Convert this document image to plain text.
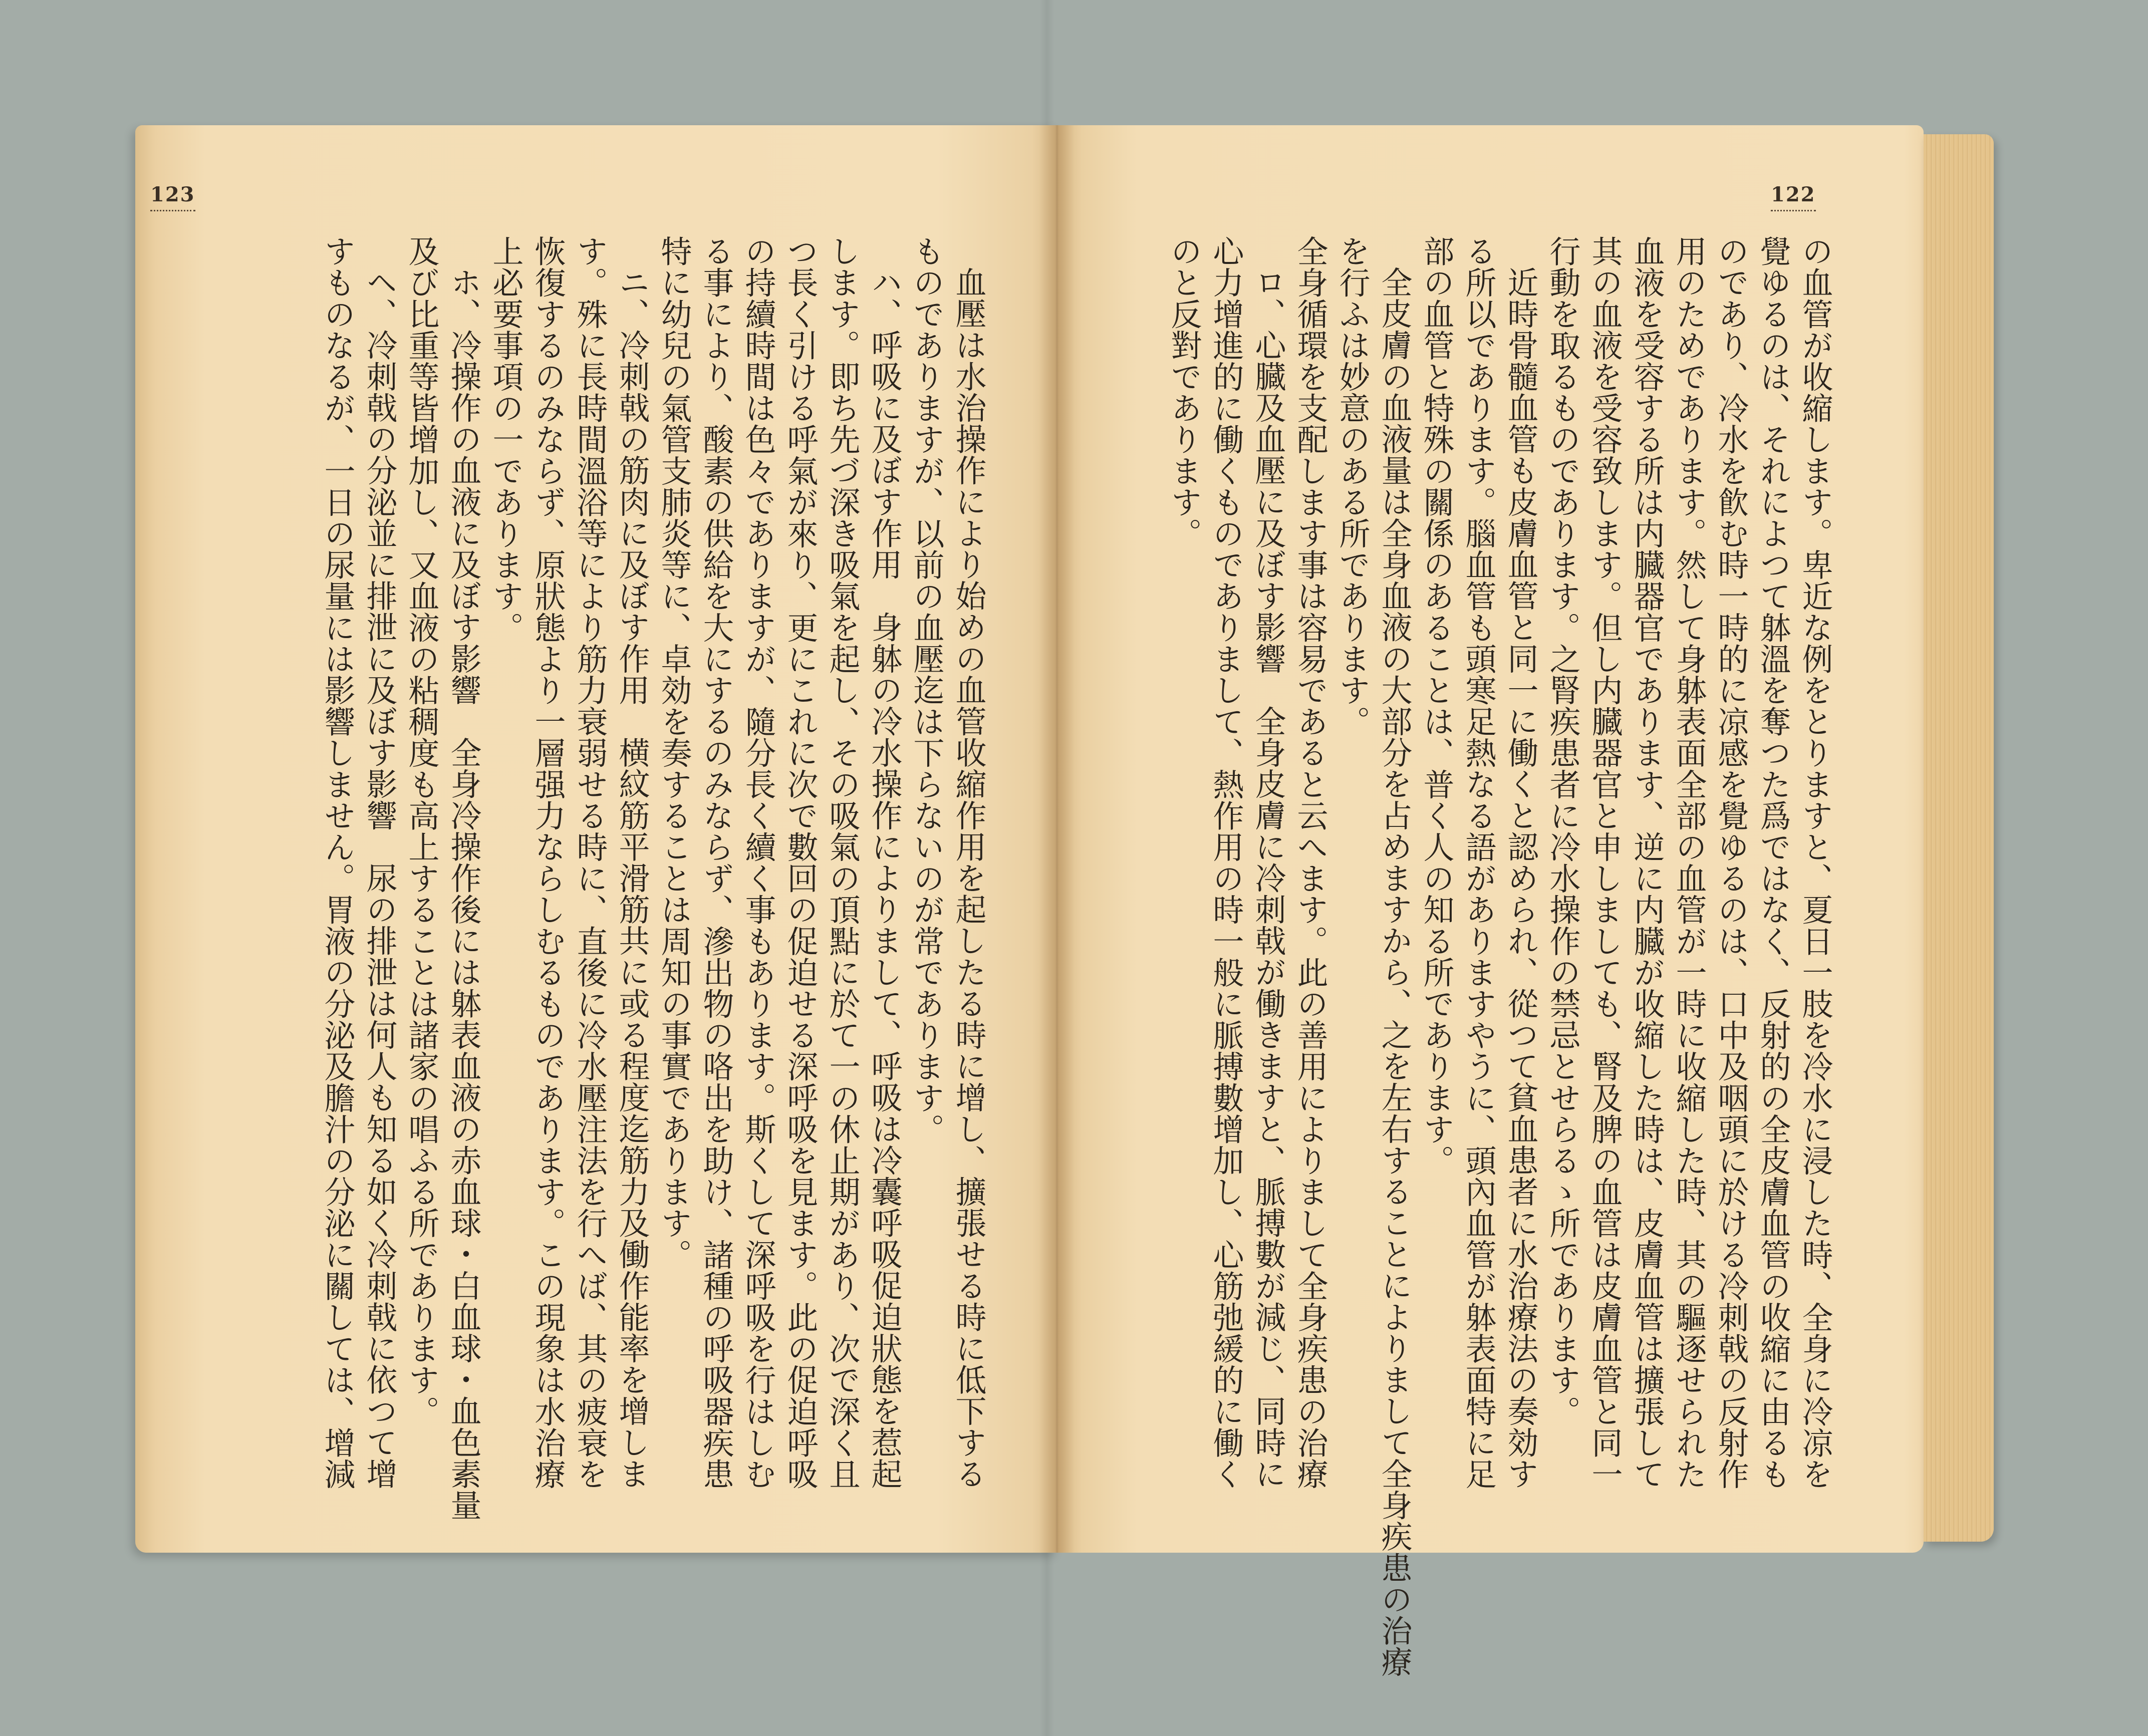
123	122
の血管が收縮します。卑近な例をとりますと、夏日一肢を冷水に浸した時、全身に冷凉を
覺ゆるのは、それによつて躰溫を奪つた爲ではなく、反射的の全皮膚血管の收縮に由るも
のであり、冷水を飮む時一時的に凉感を覺ゆるのは、口中及咽頭に於ける冷刺戟の反射作
用のためであります。然して身躰表面全部の血管が一時に收縮した時、其の驅逐せられた
血液を受容する所は内臓器官であります、逆に内臓が收縮した時は、皮膚血管は擴張して
其の血液を受容致します。但し内臓器官と申しましても、腎及脾の血管は皮膚血管と同一
行動を取るものであります。之腎疾患者に冷水操作の禁忌とせらるゝ所であります。
近時骨髓血管も皮膚血管と同一に働くと認められ、從つて貧血患者に水治療法の奏効す
る所以であります。腦血管も頭寒足熱なる語がありますやうに、頭內血管が躰表面特に足
部の血管と特殊の關係のあることは、普く人の知る所であります。
全皮膚の血液量は全身血液の大部分を占めますから、之を左右することによりまして全身疾患の治療
を行ふは妙意のある所であります。
全身循環を支配します事は容易であると云へます。此の善用によりまして全身疾患の治療
ロ、心臓及血壓に及ぼす影響　全身皮膚に冷刺戟が働きますと、脈搏數が減じ、同時に
心力增進的に働くものでありまして、熱作用の時一般に脈搏數增加し、心筋弛緩的に働く
のと反對であります。
血壓は水治操作により始めの血管收縮作用を起したる時に增し、擴張せる時に低下する
ものでありますが、以前の血壓迄は下らないのが常であります。
ハ、呼吸に及ぼす作用　身躰の冷水操作によりまして、呼吸は冷囊呼吸促迫狀態を惹起
します。即ち先づ深き吸氣を起し、その吸氣の頂點に於て一の休止期があり、次で深く且
つ長く引ける呼氣が來り、更にこれに次で數回の促迫せる深呼吸を見ます。此の促迫呼吸
の持續時間は色々でありますが、隨分長く續く事もあります。斯くして深呼吸を行はしむ
る事により、酸素の供給を大にするのみならず、滲出物の咯出を助け、諸種の呼吸器疾患
特に幼兒の氣管支肺炎等に、卓効を奏することは周知の事實であります。
ニ、冷刺戟の筋肉に及ぼす作用　横紋筋平滑筋共に或る程度迄筋力及働作能率を增しま
す。殊に長時間溫浴等により筋力衰弱せる時に、直後に冷水壓注法を行へば、其の疲衰を
恢復するのみならず、原狀態より一層强力ならしむるものであります。この現象は水治療
上必要事項の一であります。
ホ、冷操作の血液に及ぼす影響　全身冷操作後には躰表血液の赤血球・白血球・血色素量
及び比重等皆增加し、又血液の粘稠度も高上することは諸家の唱ふる所であります。
ヘ、冷刺戟の分泌並に排泄に及ぼす影響　尿の排泄は何人も知る如く冷刺戟に依つて增
すものなるが、一日の尿量には影響しません。胃液の分泌及膽汁の分泌に關しては、增減
